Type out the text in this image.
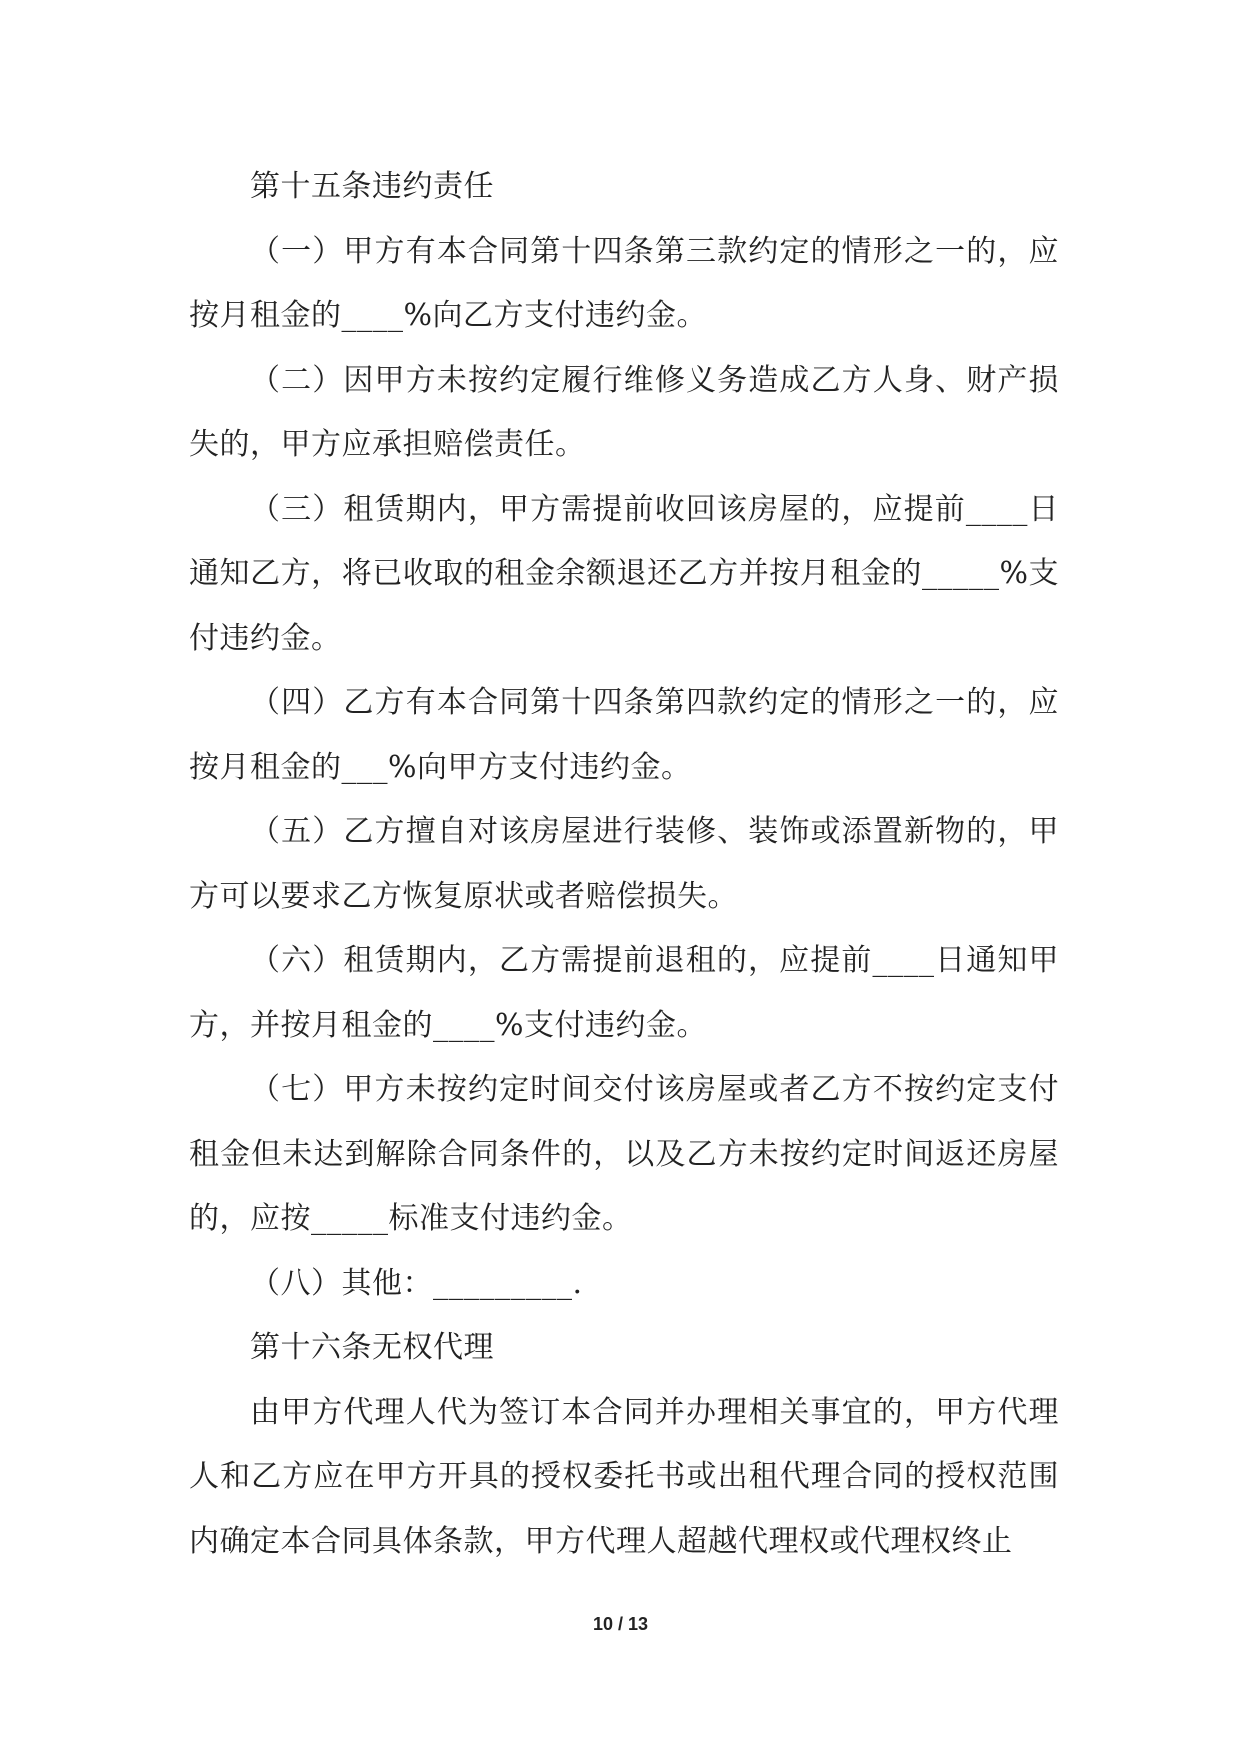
第十五条违约责任

（一）甲方有本合同第十四条第三款约定的情形之一的，应按月租金的____%向乙方支付违约金。

（二）因甲方未按约定履行维修义务造成乙方人身、财产损失的，甲方应承担赔偿责任。

（三）租赁期内，甲方需提前收回该房屋的，应提前____日通知乙方，将已收取的租金余额退还乙方并按月租金的_____%支付违约金。

（四）乙方有本合同第十四条第四款约定的情形之一的，应按月租金的___%向甲方支付违约金。

（五）乙方擅自对该房屋进行装修、装饰或添置新物的，甲方可以要求乙方恢复原状或者赔偿损失。

（六）租赁期内，乙方需提前退租的，应提前____日通知甲方，并按月租金的____%支付违约金。

（七）甲方未按约定时间交付该房屋或者乙方不按约定支付租金但未达到解除合同条件的，以及乙方未按约定时间返还房屋的，应按_____标准支付违约金。

（八）其他：_________.

第十六条无权代理

由甲方代理人代为签订本合同并办理相关事宜的，甲方代理人和乙方应在甲方开具的授权委托书或出租代理合同的授权范围内确定本合同具体条款，甲方代理人超越代理权或代理权终止

10 / 13
